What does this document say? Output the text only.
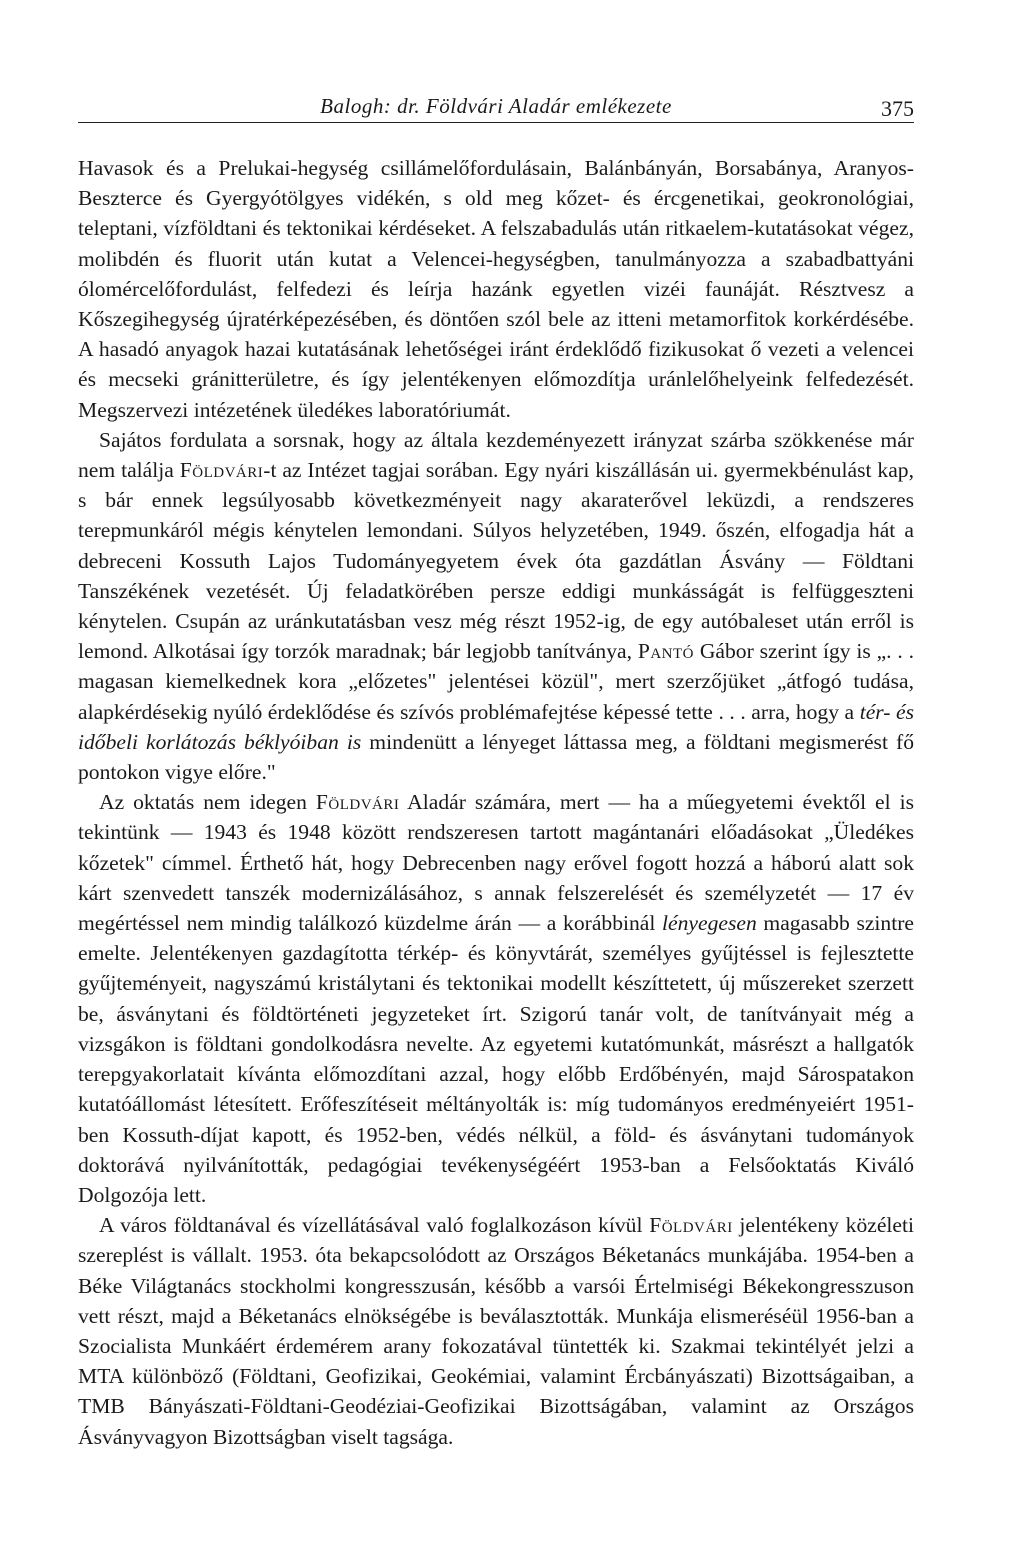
Balogh: dr. Földvári Aladár emlékezete	375

Havasok és a Prelukai-hegység csillámelőfordulásain, Balánbányán, Borsabánya, Aranyos-Beszterce és Gyergyótölgyes vidékén, s old meg kőzet- és ércgenetikai, geokronológiai, teleptani, vízföldtani és tektonikai kérdéseket. A felszabadulás után ritkaelem-kutatásokat végez, molibdén és fluorit után kutat a Velencei-hegységben, tanulmányozza a szabadbattyáni ólomércelőfordulást, felfedezi és leírja hazánk egyetlen vizéi faunáját. Résztvesz a Kőszegihegység újratérképezésében, és döntően szól bele az itteni metamorfitok korkérdésébe. A hasadó anyagok hazai kutatásának lehetőségei iránt érdeklődő fizikusokat ő vezeti a velencei és mecseki gránitterületre, és így jelentékenyen előmozdítja uránlelőhelyeink felfedezését. Megszervezi intézetének üledékes laboratóriumát.

Sajátos fordulata a sorsnak, hogy az általa kezdeményezett irányzat szárba szökkenése már nem találja Földvári-t az Intézet tagjai sorában. Egy nyári kiszállásán ui. gyermekbénulást kap, s bár ennek legsúlyosabb következményeit nagy akaraterővel leküzdi, a rendszeres terepmunkáról mégis kénytelen lemondani. Súlyos helyzetében, 1949. őszén, elfogadja hát a debreceni Kossuth Lajos Tudományegyetem évek óta gazdátlan Ásvány — Földtani Tanszékének vezetését. Új feladatkörében persze eddigi munkásságát is felfüggeszteni kénytelen. Csupán az uránkutatásban vesz még részt 1952-ig, de egy autóbaleset után erről is lemond. Alkotásai így torzók maradnak; bár legjobb tanítványa, Pantó Gábor szerint így is „. . . magasan kiemelkednek kora „előzetes" jelentései közül", mert szerzőjüket „átfogó tudása, alapkérdésekig nyúló érdeklődése és szívós problémafejtése képessé tette . . . arra, hogy a tér- és időbeli korlátozás béklyóiban is mindenütt a lényeget láttassa meg, a földtani megismerést fő pontokon vigye előre."

Az oktatás nem idegen Földvári Aladár számára, mert — ha a műegyetemi évektől el is tekintünk — 1943 és 1948 között rendszeresen tartott magántanári előadásokat „Üledékes kőzetek" címmel. Érthető hát, hogy Debrecenben nagy erővel fogott hozzá a háború alatt sok kárt szenvedett tanszék modernizálásához, s annak felszerelését és személyzetét — 17 év megértéssel nem mindig találkozó küzdelme árán — a korábbinál lényegesen magasabb szintre emelte. Jelentékenyen gazdagította térkép- és könyvtárát, személyes gyűjtéssel is fejlesztette gyűjteményeit, nagyszámú kristálytani és tektonikai modellt készíttetett, új műszereket szerzett be, ásványtani és földtörténeti jegyzeteket írt. Szigorú tanár volt, de tanítványait még a vizsgákon is földtani gondolkodásra nevelte. Az egyetemi kutatómunkát, másrészt a hallgatók terepgyakorlatait kívánta előmozdítani azzal, hogy előbb Erdőbényén, majd Sárospatakon kutatóállomást létesített. Erőfeszítéseit méltányolták is: míg tudományos eredményeiért 1951-ben Kossuth-díjat kapott, és 1952-ben, védés nélkül, a föld- és ásványtani tudományok doktorává nyilvánították, pedagógiai tevékenységéért 1953-ban a Felsőoktatás Kiváló Dolgozója lett.

A város földtanával és vízellátásával való foglalkozáson kívül Földvári jelentékeny közéleti szereplést is vállalt. 1953. óta bekapcsolódott az Országos Béketanács munkájába. 1954-ben a Béke Világtanács stockholmi kongresszusán, később a varsói Értelmiségi Békekongresszuson vett részt, majd a Béketanács elnökségébe is beválasztották. Munkája elismeréséül 1956-ban a Szocialista Munkáért érdemérem arany fokozatával tüntették ki. Szakmai tekintélyét jelzi a MTA különböző (Földtani, Geofizikai, Geokémiai, valamint Ércbányászati) Bizottságaiban, a TMB Bányászati-Földtani-Geodéziai-Geofizikai Bizottságában, valamint az Országos Ásványvagyon Bizottságban viselt tagsága.
